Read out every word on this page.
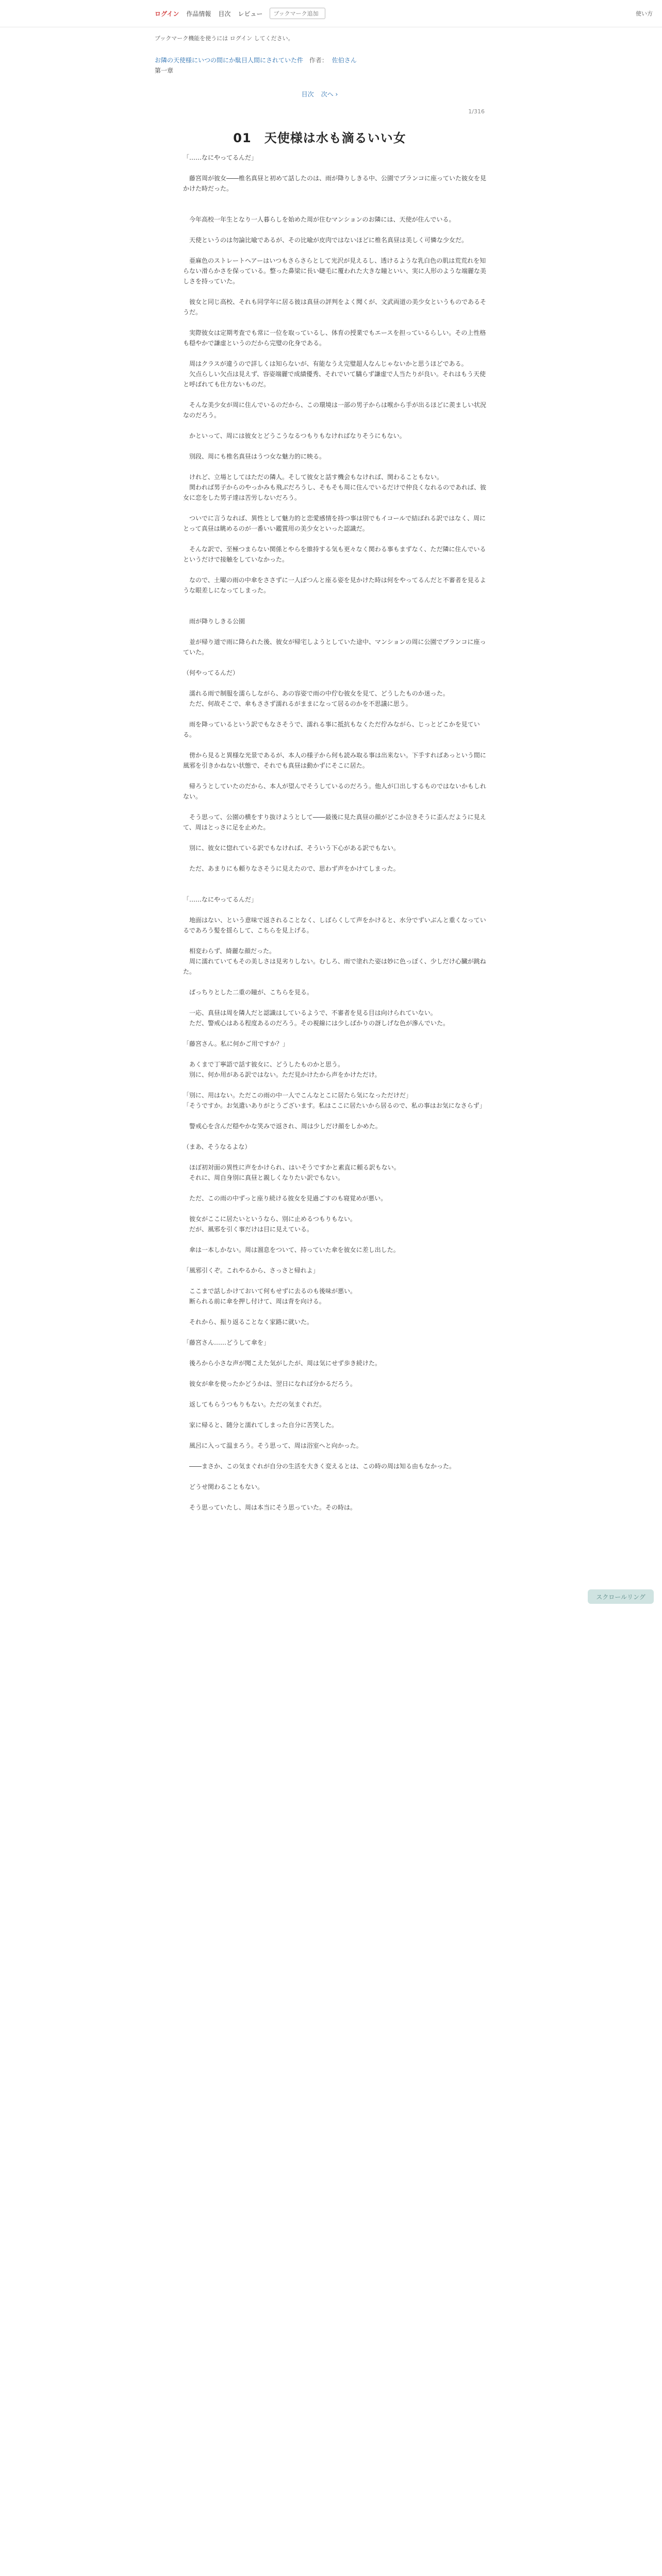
ログイン 作品情報 目次 レビュー	ブックマーク追加	使い方
ブックマーク機能を使うには ログイン してください。
お隣の天使様にいつの間にか駄目人間にされていた件 作者： 佐伯さん
第一章
目次 次へ ›
1/316
01　天使様は水も滴るいい女

「……なにやってるんだ」

　藤宮周が彼女――椎名真昼と初めて話したのは、雨が降りしきる中、公園でブランコに座っていた彼女を見かけた時だった。

　今年高校一年生となり一人暮らしを始めた周が住むマンションのお隣には、天使が住んでいる。

　天使というのは勿論比喩であるが、その比喩が皮肉ではないほどに椎名真昼は美しく可憐な少女だ。

　亜麻色のストレートヘアーはいつもさらさらとして光沢が見えるし、透けるような乳白色の肌は荒荒れを知らない滑らかさを保っている。整った鼻梁に長い睫毛に覆われた大きな瞳といい、実に人形のような端麗な美しさを持っていた。

　彼女と同じ高校、それも同学年に居る彼は真昼の評判をよく聞くが、文武両道の美少女というものであるそうだ。

　実際彼女は定期考査でも常に一位を取っているし、体育の授業でもエースを担っているらしい。その上性格も穏やかで謙虚というのだから完璧の化身である。

　周はクラスが違うので詳しくは知らないが、有能なうえ完璧超人なんじゃないかと思うほどである。

　欠点らしい欠点は見えず、容姿端麗で成績優秀、それでいて驕らず謙虚で人当たりが良い。それはもう天使と呼ばれても仕方ないものだ。

　そんな美少女が周に住んでいるのだから、この環境は一部の男子からは喉から手が出るほどに羨ましい状況なのだろう。

　かといって、周には彼女とどうこうなるつもりもなければなりそうにもない。

　別段、周にも椎名真昼はうつ女な魅力的に映る。

　けれど、立場としてはただの隣人。そして彼女と話す機会もなければ、関わることもない。

　関われば男子からのやっかみも飛ぶだろうし、そもそも周に住んでいるだけで仲良くなれるのであれば、彼女に恋をした男子達は苦労しないだろう。

　ついでに言うなれば、異性として魅力的と恋愛感情を持つ事は別でもイコールで結ばれる訳ではなく、周にとって真昼は眺めるのが一番いい鑑賞用の美少女といった認識だ。

　そんな訳で、至極つまらない関係とやらを維持する気も更々なく関わる事もまずなく、ただ隣に住んでいるというだけで接触をしていなかった。

　なので、土曜の雨の中傘をささずに一人ぽつんと座る姿を見かけた時は何をやってるんだと不審者を見るような眼差しになってしまった。

　雨が降りしきる公園

　並が帰り道で雨に降られた後、彼女が帰宅しようとしていた途中、マンションの周に公園でブランコに座っていた。

（何やってるんだ）

　濡れる雨で制服を濡らしながら、あの容姿で雨の中佇む彼女を見て、どうしたものか迷った。

　ただ、何故そこで、傘もささず濡れるがままになって居るのかを不思議に思う。

　雨を降っているという訳でもなさそうで、濡れる事に抵抗もなくただ佇みながら、じっとどこかを見ている。

　傍から見ると異様な光景であるが、本人の様子から何も読み取る事は出来ない。下手すればあっという間に風邪を引きかねない状態で、それでも真昼は動かずにそこに居た。

　帰ろうとしていたのだから、本人が望んでそうしているのだろう。他人が口出しするものではないかもしれない。

　そう思って、公園の横をすり抜けようとして――最後に見た真昼の顔がどこか泣きそうに歪んだように見えて、周はとっさに足を止めた。

　別に、彼女に惚れている訳でもなければ、そういう下心がある訳でもない。

　ただ、あまりにも頼りなさそうに見えたので、思わず声をかけてしまった。

「……なにやってるんだ」

　地面はない、という意味で返されることなく、しばらくして声をかけると、水分でずいぶんと重くなっているであろう髪を揺らして、こちらを見上げる。

　相変わらず、綺麗な顔だった。

　周に濡れていてもその美しさは見劣りしない。むしろ、雨で塗れた姿は妙に色っぽく、少しだけ心臓が跳ねた。

　ぱっちりとした二重の瞳が、こちらを見る。

　一応、真昼は周を隣人だと認識はしているようで、不審者を見る目は向けられていない。

　ただ、警戒心はある程度あるのだろう。その視線には少しばかりの訝しげな色が滲んでいた。

「藤宮さん。私に何かご用ですか？」

　あくまで丁寧語で話す彼女に、どうしたものかと思う。

　別に、何か用がある訳ではない。ただ見かけたから声をかけただけ。

「別に、用はない。ただこの雨の中一人でこんなとこに居たら気になっただけだ」

「そうですか。お気遣いありがとうございます。私はここに居たいから居るので、私の事はお気になさらず」

　警戒心を含んだ穏やかな笑みで返され、周は少しだけ顔をしかめた。

（まあ、そうなるよな）

　ほぼ初対面の異性に声をかけられ、はいそうですかと素直に頼る訳もない。

　それに、周自身別に真昼と親しくなりたい訳でもない。

　ただ、この雨の中ずっと座り続ける彼女を見過ごすのも寝覚めが悪い。

　彼女がここに居たいというなら、別に止めるつもりもない。

　だが、風邪を引く事だけは目に見えている。

　傘は一本しかない。周は溜息をついて、持っていた傘を彼女に差し出した。

「風邪引くぞ。これやるから、さっさと帰れよ」

　ここまで話しかけておいて何もせずに去るのも後味が悪い。

　断られる前に傘を押し付けて、周は背を向ける。

　それから、振り返ることなく家路に就いた。

「藤宮さん……どうして傘を」

　後ろから小さな声が聞こえた気がしたが、周は気にせず歩き続けた。

　彼女が傘を使ったかどうかは、翌日になれば分かるだろう。

　返してもらうつもりもない。ただの気まぐれだ。

　家に帰ると、随分と濡れてしまった自分に苦笑した。

　風呂に入って温まろう。そう思って、周は浴室へと向かった。

　――まさか、この気まぐれが自分の生活を大きく変えるとは、この時の周は知る由もなかった。

　どうせ関わることもない。

　そう思っていたし、周は本当にそう思っていた。その時は。

スクロールリング
